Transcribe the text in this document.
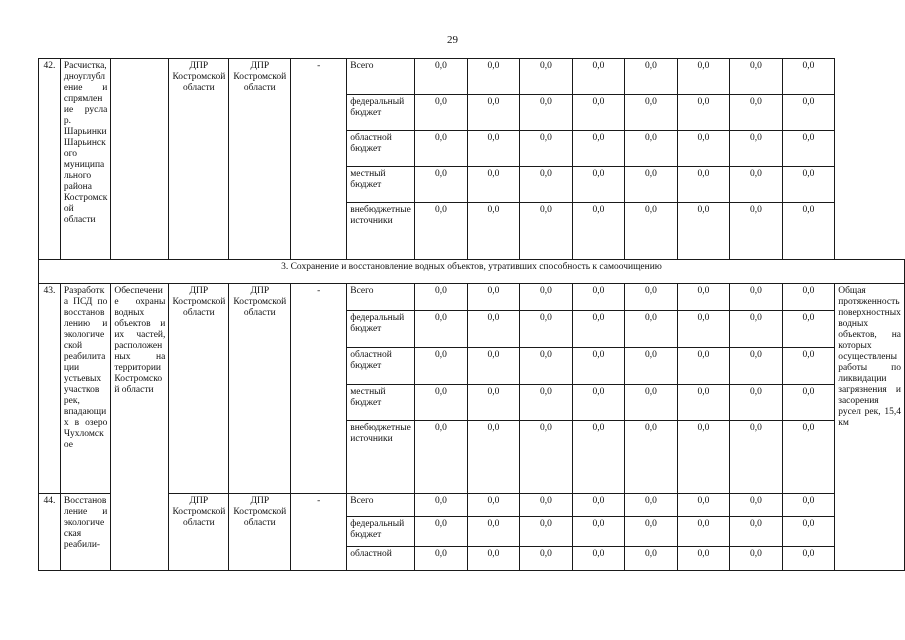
29
42.	Расчистка, дноуглубление и спрямление русла р. Шарьинки Шарьинского муниципального района Костромской области		ДПР Костромской области	ДПР Костромской области	-	Всего	0,0	0,0	0,0	0,0	0,0	0,0	0,0	0,0	
						федеральный бюджет	0,0	0,0	0,0	0,0	0,0	0,0	0,0	0,0	
						областной бюджет	0,0	0,0	0,0	0,0	0,0	0,0	0,0	0,0	
						местный бюджет	0,0	0,0	0,0	0,0	0,0	0,0	0,0	0,0	
						внебюджетные источники	0,0	0,0	0,0	0,0	0,0	0,0	0,0	0,0	
3. Сохранение и восстановление водных объектов, утративших способность к самоочищению															
43.	Разработка ПСД по восстановлению и экологической реабилитации устьевых участков рек, впадающих в озеро Чухломское	Обеспечение охраны водных объектов и их частей, расположенных на территории Костромской области	ДПР Костромской области	ДПР Костромской области	-	Всего	0,0	0,0	0,0	0,0	0,0	0,0	0,0	0,0	Общая протяженность поверхностных водных объектов, на которых осуществлены работы по ликвидации загрязнения и засорения русел рек, 15,4 км
						федеральный бюджет	0,0	0,0	0,0	0,0	0,0	0,0	0,0	0,0	
						областной бюджет	0,0	0,0	0,0	0,0	0,0	0,0	0,0	0,0	
						местный бюджет	0,0	0,0	0,0	0,0	0,0	0,0	0,0	0,0	
						внебюджетные источники	0,0	0,0	0,0	0,0	0,0	0,0	0,0	0,0	
44.	Восстановление и экологическая реабили-		ДПР Костромской области	ДПР Костромской области	-	Всего	0,0	0,0	0,0	0,0	0,0	0,0	0,0	0,0	
						федеральный бюджет	0,0	0,0	0,0	0,0	0,0	0,0	0,0	0,0	
						областной	0,0	0,0	0,0	0,0	0,0	0,0	0,0	0,0	
